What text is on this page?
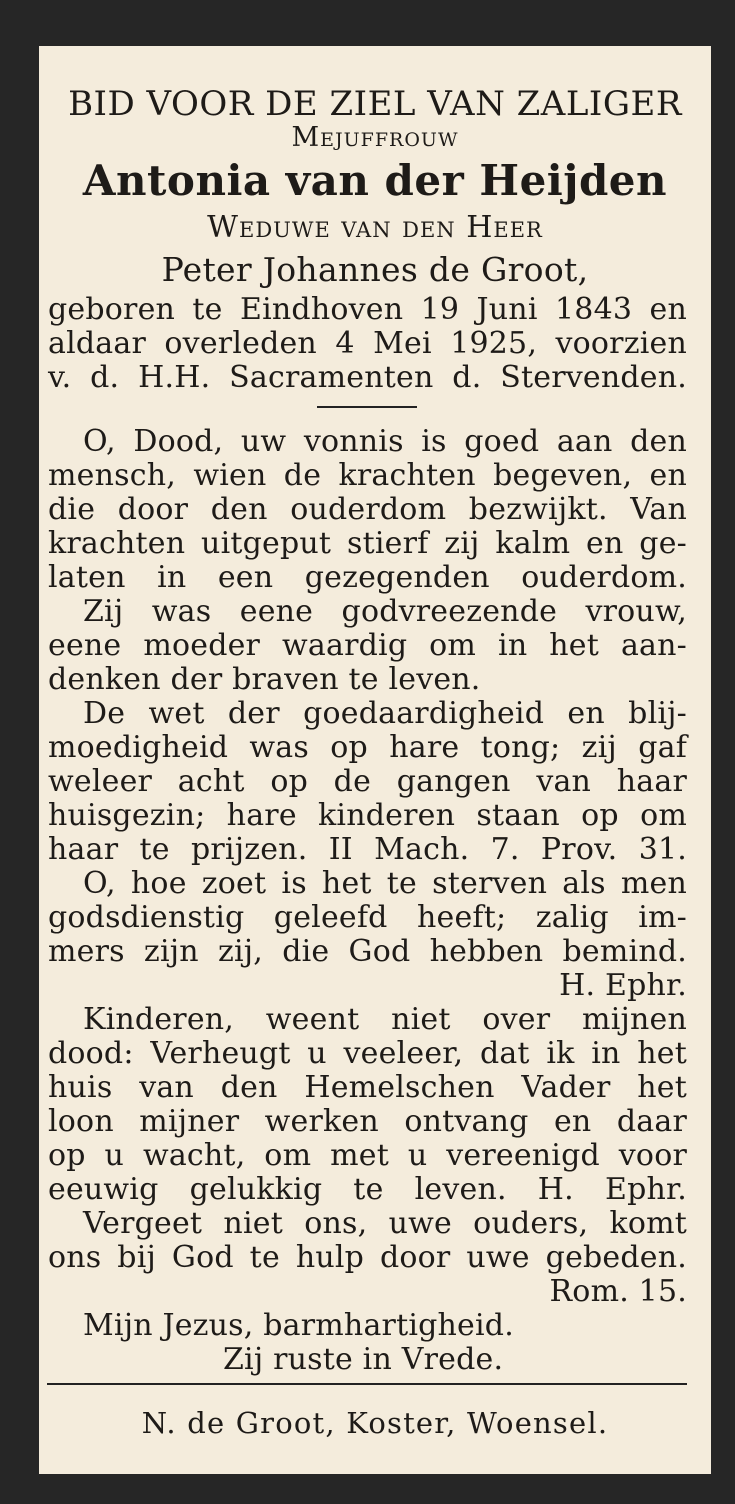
BID VOOR DE ZIEL VAN ZALIGER
Mejuffrouw
Antonia van der Heijden
Weduwe van den Heer
Peter Johannes de Groot,
geboren te Eindhoven 19 Juni 1843 en
aldaar overleden 4 Mei 1925, voorzien
v. d. H.H. Sacramenten d. Stervenden.
O, Dood, uw vonnis is goed aan den
mensch, wien de krachten begeven, en
die door den ouderdom bezwijkt. Van
krachten uitgeput stierf zij kalm en ge-
laten in een gezegenden ouderdom.
Zij was eene godvreezende vrouw,
eene moeder waardig om in het aan-
denken der braven te leven.
De wet der goedaardigheid en blij-
moedigheid was op hare tong; zij gaf
weleer acht op de gangen van haar
huisgezin; hare kinderen staan op om
haar te prijzen. II Mach. 7. Prov. 31.
O, hoe zoet is het te sterven als men
godsdienstig geleefd heeft; zalig im-
mers zijn zij, die God hebben bemind.
H. Ephr.
Kinderen, weent niet over mijnen
dood: Verheugt u veeleer, dat ik in het
huis van den Hemelschen Vader het
loon mijner werken ontvang en daar
op u wacht, om met u vereenigd voor
eeuwig gelukkig te leven. H. Ephr.
Vergeet niet ons, uwe ouders, komt
ons bij God te hulp door uwe gebeden.
Rom. 15.
Mijn Jezus, barmhartigheid.
Zij ruste in Vrede.
N. de Groot, Koster, Woensel.
